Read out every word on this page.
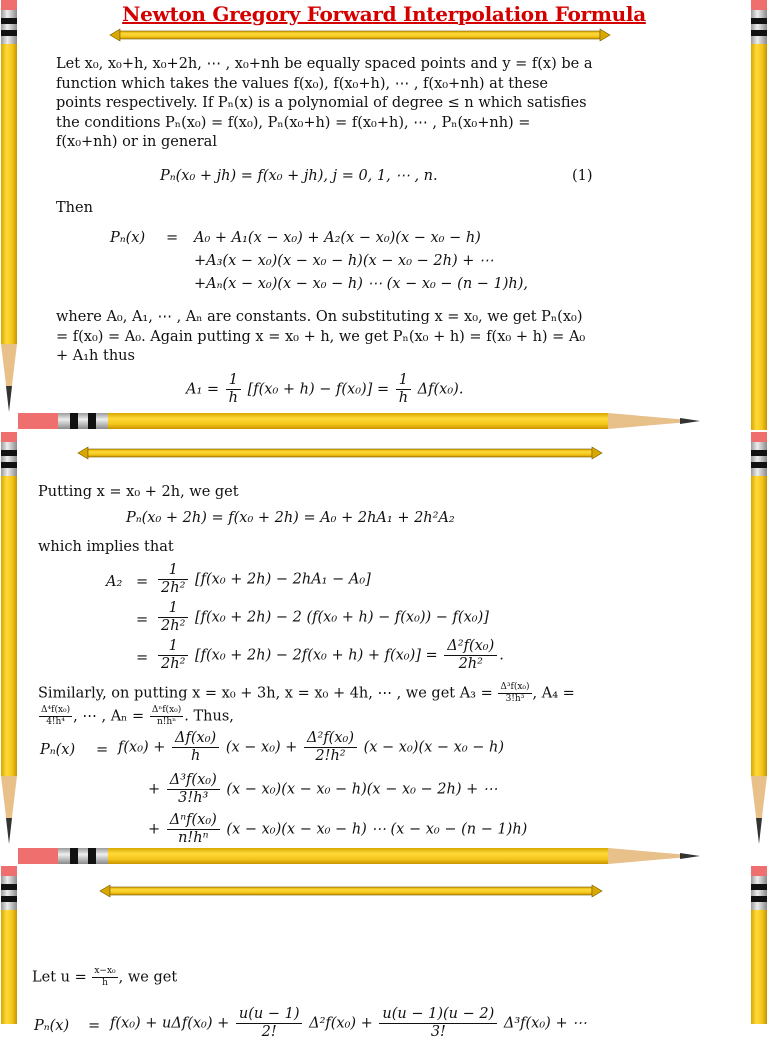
Newton Gregory Forward Interpolation Formula
Let x₀, x₀+h, x₀+2h, ⋯ , x₀+nh be equally spaced points and y = f(x) be a function which takes the values f(x₀), f(x₀+h), ⋯ , f(x₀+nh) at these points respectively. If Pₙ(x) is a polynomial of degree ≤ n which satisfies the conditions Pₙ(x₀) = f(x₀), Pₙ(x₀+h) = f(x₀+h), ⋯ , Pₙ(x₀+nh) = f(x₀+nh) or in general
Pₙ(x₀ + jh) = f(x₀ + jh), j = 0, 1, ⋯ , n.	(1)
Then
Pₙ(x) = A₀ + A₁(x − x₀) + A₂(x − x₀)(x − x₀ − h)
+A₃(x − x₀)(x − x₀ − h)(x − x₀ − 2h) + ⋯
+Aₙ(x − x₀)(x − x₀ − h) ⋯ (x − x₀ − (n − 1)h),
where A₀, A₁, ⋯ , Aₙ are constants. On substituting x = x₀, we get Pₙ(x₀) = f(x₀) = A₀. Again putting x = x₀ + h, we get Pₙ(x₀ + h) = f(x₀ + h) = A₀ + A₁h thus
$A_1 = \frac{1}{h} [f(x_0 + h) - f(x_0)] = \frac{1}{h} \Delta f(x_0)$.
Putting x = x₀ + 2h, we get
Pₙ(x₀ + 2h) = f(x₀ + 2h) = A₀ + 2hA₁ + 2h²A₂
which implies that
$A_2 = \frac{1}{\text{2h²}} [f(x_0 + 2h) - 2hA_1 - A_0]$
= $\frac{1}{\text{2h²}} [f(x_0 + 2h) - 2$ (f(x₀ + h) − f(x₀)) − f(x₀)]
= $\frac{1}{\text{2h²}} [f(x_0 + 2h) - 2f(x_0 + h) + f(x_0)] = \frac{\text{Δ²f(x₀)}}{\text{2h²}}$ .
Similarly, on putting x = x₀ + 3h, x = x₀ + 4h, ⋯ , we get $A_3 = \frac{\text{Δ³f(x₀)}}{\text{3!h³}}$ , A₄ =
$\frac{\text{Δ⁴f(x₀)}}{\text{4!h⁴}}$ , ⋯ , $A_n = \frac{\text{Δⁿf(x₀)}}{\text{n!hⁿ}}$ . Thus,
$P_n(x) = f(x_0) + \frac{\text{Δf(x₀)}}{h} (x - x_0) + \frac{\text{Δ²f(x₀)}}{\text{2!h²}} (x - x_0)(x - x_0 - h)$
+ $\frac{\text{Δ³f(x₀)}}{\text{3!h³}} (x - x_0)(x - x_0 - h)(x - x_0 - 2h)$ + ⋯
+ $\frac{\text{Δⁿf(x₀)}}{\text{n!hⁿ}} (x - x_0)(x - x_0 - h)$ ⋯ (x − x₀ − (n − 1)h)
Let $u = \frac{\text{x−x₀}}{h}$ , we get
$P_n(x) = f(x_0) + u\Delta f(x_0) + \frac{u(u - 1)}{2!} \Delta^2f(x_0) + \frac{u(u - 1)(u - 2)}{3!} \Delta^3f(x_0)$ + ⋯
